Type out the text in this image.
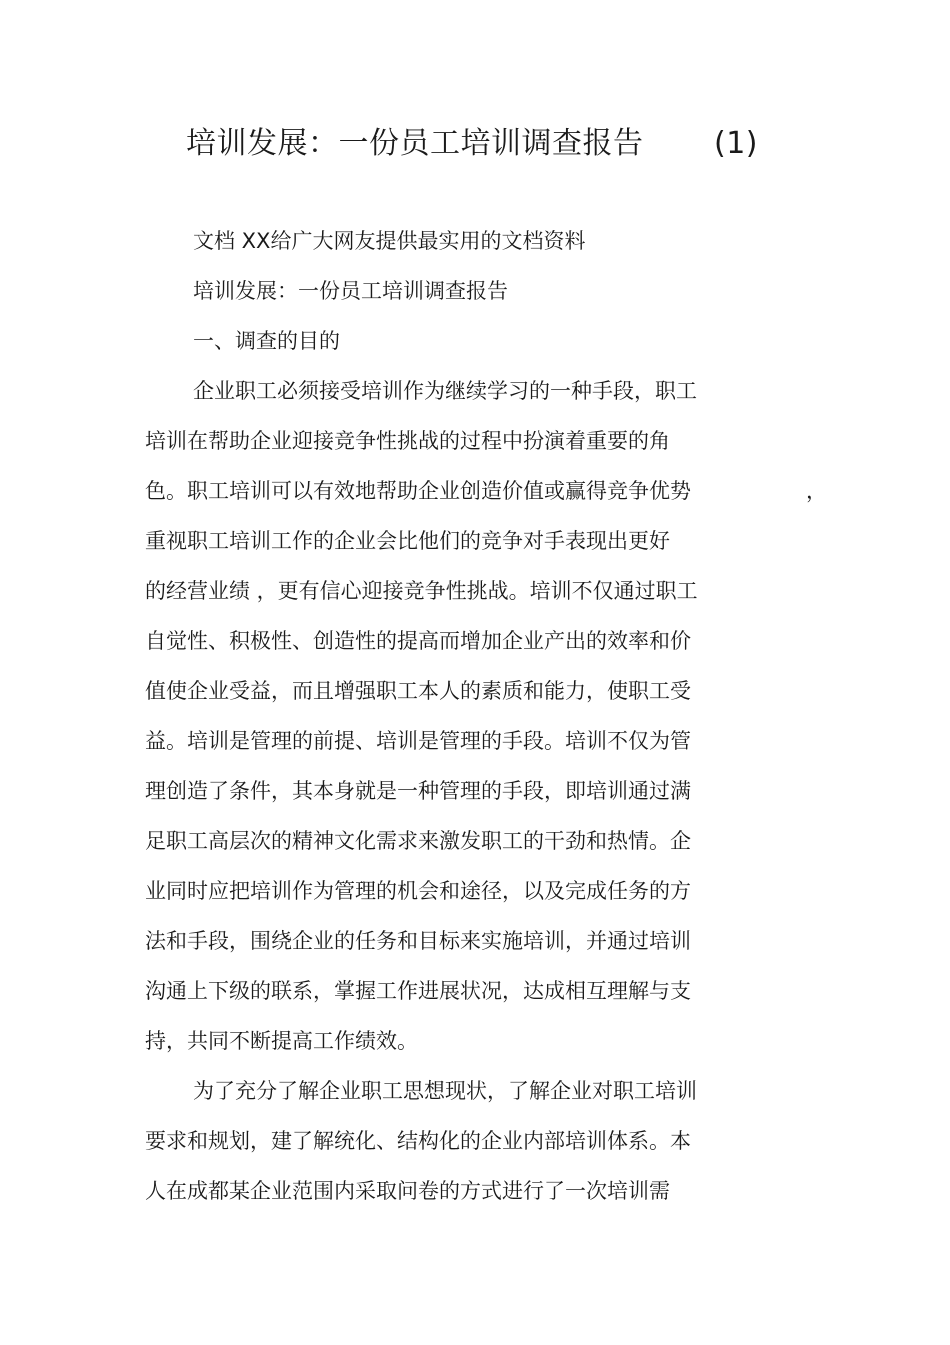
培训发展：一份员工培训调查报告 (1)
文档 XX给广大网友提供最实用的文档资料
培训发展：一份员工培训调查报告
一、调查的目的
企业职工必须接受培训作为继续学习的一种手段，职工
培训在帮助企业迎接竞争性挑战的过程中扮演着重要的角
色。职工培训可以有效地帮助企业创造价值或赢得竞争优势	，
重视职工培训工作的企业会比他们的竞争对手表现出更好
的经营业绩 ，更有信心迎接竞争性挑战。培训不仅通过职工
自觉性、积极性、创造性的提高而增加企业产出的效率和价
值使企业受益，而且增强职工本人的素质和能力，使职工受
益。培训是管理的前提、培训是管理的手段。培训不仅为管
理创造了条件，其本身就是一种管理的手段，即培训通过满
足职工高层次的精神文化需求来激发职工的干劲和热情。企
业同时应把培训作为管理的机会和途径，以及完成任务的方
法和手段，围绕企业的任务和目标来实施培训，并通过培训
沟通上下级的联系，掌握工作进展状况，达成相互理解与支
持，共同不断提高工作绩效。
为了充分了解企业职工思想现状，了解企业对职工培训
要求和规划，建了解统化、结构化的企业内部培训体系。本
人在成都某企业范围内采取问卷的方式进行了一次培训需
